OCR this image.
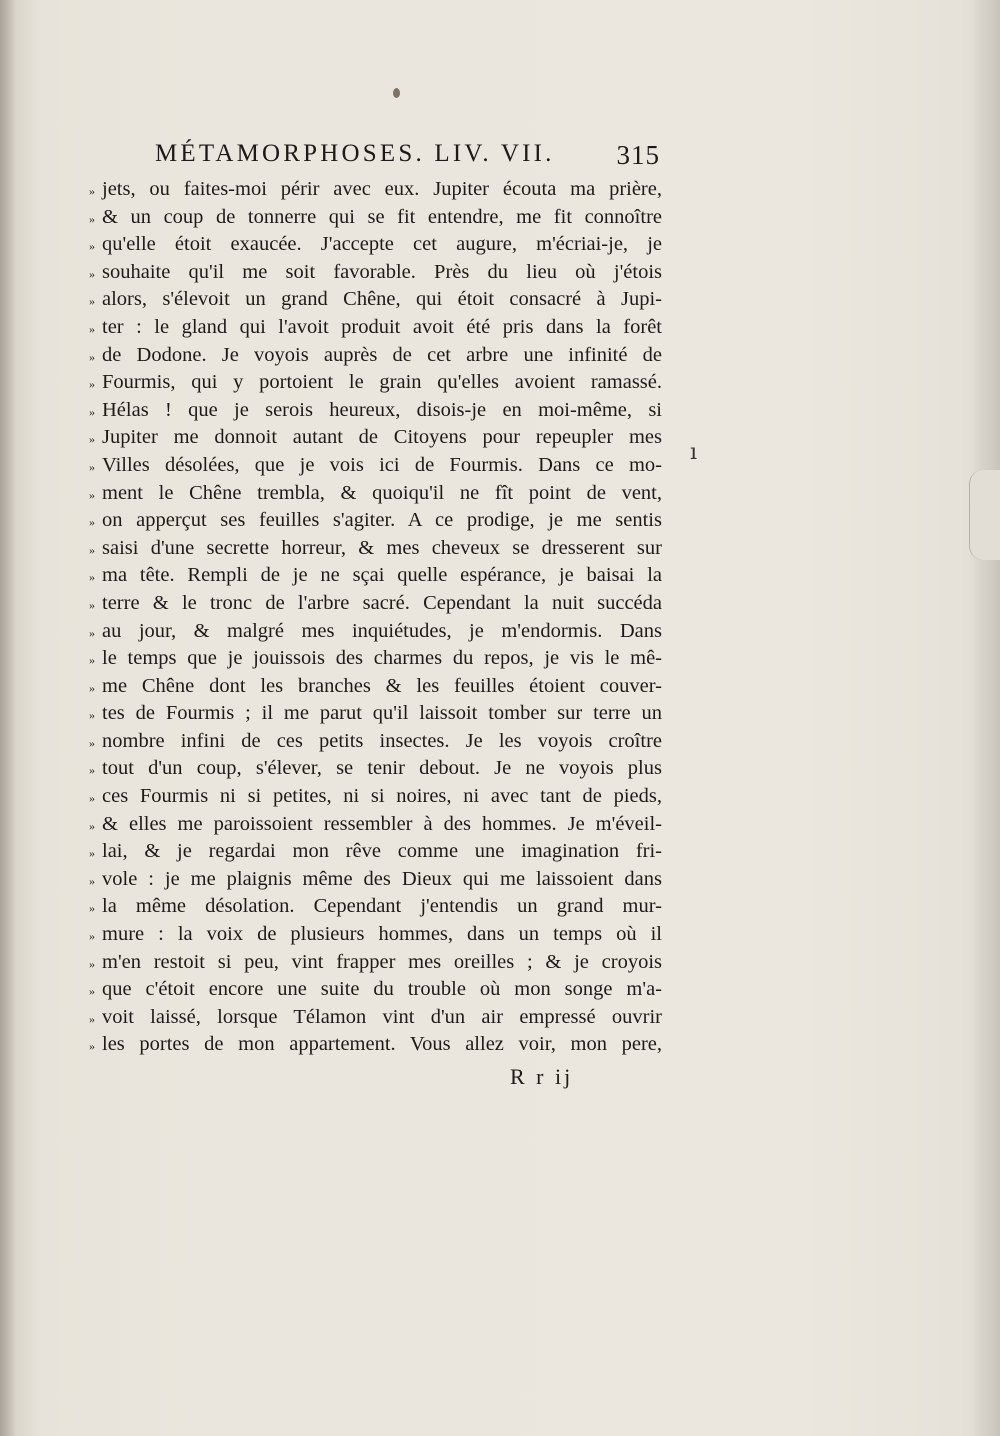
MÉTAMORPHOSES. LIV. VII. 315
» jets, ou faites-moi périr avec eux. Jupiter écouta ma prière,
» & un coup de tonnerre qui se fit entendre, me fit connoître
» qu'elle étoit exaucée. J'accepte cet augure, m'écriai-je, je
» souhaite qu'il me soit favorable. Près du lieu où j'étois
» alors, s'élevoit un grand Chêne, qui étoit consacré à Jupi-
» ter : le gland qui l'avoit produit avoit été pris dans la forêt
» de Dodone. Je voyois auprès de cet arbre une infinité de
» Fourmis, qui y portoient le grain qu'elles avoient ramassé.
» Hélas ! que je serois heureux, disois-je en moi-même, si
» Jupiter me donnoit autant de Citoyens pour repeupler mes
» Villes désolées, que je vois ici de Fourmis. Dans ce mo-
» ment le Chêne trembla, & quoiqu'il ne fît point de vent,
» on apperçut ses feuilles s'agiter. A ce prodige, je me sentis
» saisi d'une secrette horreur, & mes cheveux se dresserent sur
» ma tête. Rempli de je ne sçai quelle espérance, je baisai la
» terre & le tronc de l'arbre sacré. Cependant la nuit succéda
» au jour, & malgré mes inquiétudes, je m'endormis. Dans
» le temps que je jouissois des charmes du repos, je vis le mê-
» me Chêne dont les branches & les feuilles étoient couver-
» tes de Fourmis ; il me parut qu'il laissoit tomber sur terre un
» nombre infini de ces petits insectes. Je les voyois croître
» tout d'un coup, s'élever, se tenir debout. Je ne voyois plus
» ces Fourmis ni si petites, ni si noires, ni avec tant de pieds,
» & elles me paroissoient ressembler à des hommes. Je m'éveil-
» lai, & je regardai mon rêve comme une imagination fri-
» vole : je me plaignis même des Dieux qui me laissoient dans
» la même désolation. Cependant j'entendis un grand mur-
» mure : la voix de plusieurs hommes, dans un temps où il
» m'en restoit si peu, vint frapper mes oreilles ; & je croyois
» que c'étoit encore une suite du trouble où mon songe m'a-
» voit laissé, lorsque Télamon vint d'un air empressé ouvrir
» les portes de mon appartement. Vous allez voir, mon pere,
ı
R r ij
